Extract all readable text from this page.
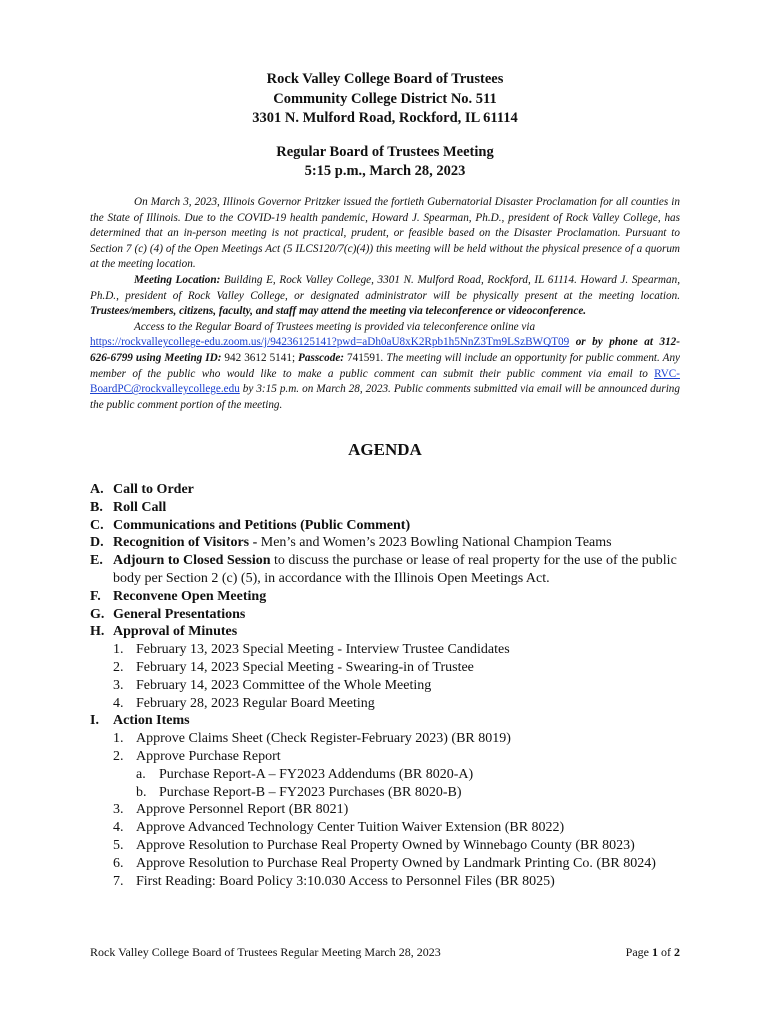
Rock Valley College Board of Trustees
Community College District No. 511
3301 N. Mulford Road, Rockford, IL 61114
Regular Board of Trustees Meeting
5:15 p.m., March 28, 2023

On March 3, 2023, Illinois Governor Pritzker issued the fortieth Gubernatorial Disaster Proclamation for all counties in the State of Illinois. Due to the COVID-19 health pandemic, Howard J. Spearman, Ph.D., president of Rock Valley College, has determined that an in-person meeting is not practical, prudent, or feasible based on the Disaster Proclamation. Pursuant to Section 7 (c) (4) of the Open Meetings Act (5 ILCS120/7(c)(4)) this meeting will be held without the physical presence of a quorum at the meeting location.

Meeting Location: Building E, Rock Valley College, 3301 N. Mulford Road, Rockford, IL 61114. Howard J. Spearman, Ph.D., president of Rock Valley College, or designated administrator will be physically present at the meeting location. Trustees/members, citizens, faculty, and staff may attend the meeting via teleconference or videoconference.

Access to the Regular Board of Trustees meeting is provided via teleconference online via
https://rockvalleycollege-edu.zoom.us/j/94236125141?pwd=aDh0aU8xK2Rpb1h5NnZ3Tm9LSzBWQT09 or by phone at 312-626-6799 using Meeting ID: 942 3612 5141; Passcode: 741591. The meeting will include an opportunity for public comment. Any member of the public who would like to make a public comment can submit their public comment via email to RVC-BoardPC@rockvalleycollege.edu by 3:15 p.m. on March 28, 2023. Public comments submitted via email will be announced during the public comment portion of the meeting.

AGENDA
A. Call to Order
B. Roll Call
C. Communications and Petitions (Public Comment)
D. Recognition of Visitors - Men’s and Women’s 2023 Bowling National Champion Teams
E. Adjourn to Closed Session to discuss the purchase or lease of real property for the use of the public body per Section 2 (c) (5), in accordance with the Illinois Open Meetings Act.
F. Reconvene Open Meeting
G. General Presentations
H. Approval of Minutes
1. February 13, 2023 Special Meeting - Interview Trustee Candidates
2. February 14, 2023 Special Meeting - Swearing-in of Trustee
3. February 14, 2023 Committee of the Whole Meeting
4. February 28, 2023 Regular Board Meeting
I.	Action Items
1. Approve Claims Sheet (Check Register-February 2023) (BR 8019)
2. Approve Purchase Report
a. Purchase Report-A – FY2023 Addendums (BR 8020-A)
b. Purchase Report-B – FY2023 Purchases (BR 8020-B)
3. Approve Personnel Report (BR 8021)
4. Approve Advanced Technology Center Tuition Waiver Extension (BR 8022)
5. Approve Resolution to Purchase Real Property Owned by Winnebago County (BR 8023)
6. Approve Resolution to Purchase Real Property Owned by Landmark Printing Co. (BR 8024)
7. First Reading: Board Policy 3:10.030 Access to Personnel Files (BR 8025)
Rock Valley College Board of Trustees Regular Meeting March 28, 2023	Page 1 of 2
